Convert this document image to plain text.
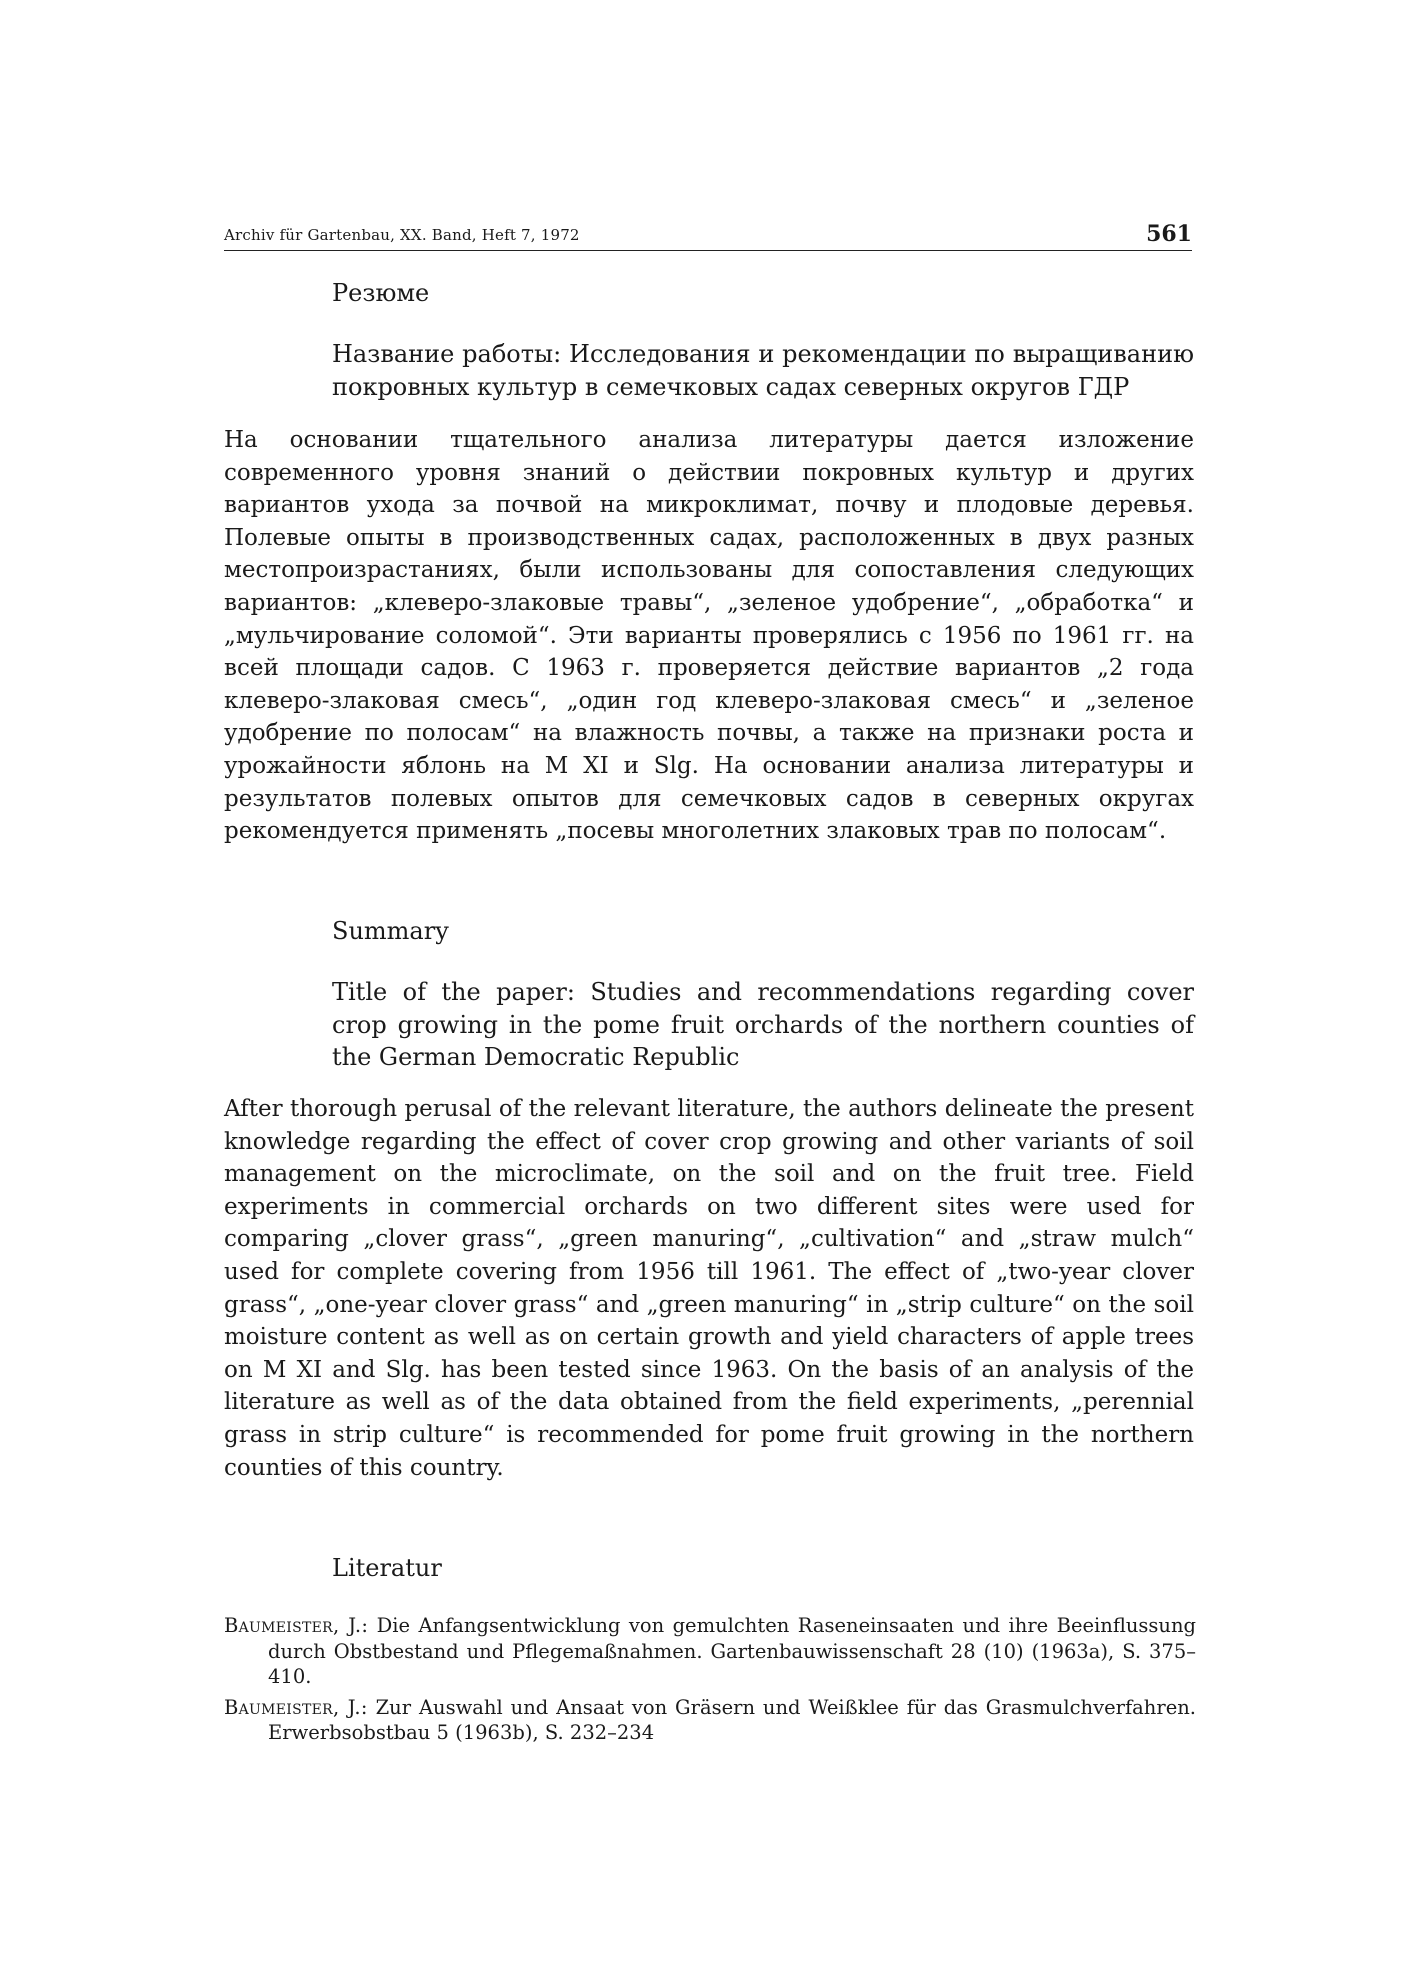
Archiv für Gartenbau, XX. Band, Heft 7, 1972	561
Резюме
Название работы: Исследования и рекомендации по выращиванию покровных культур в семечковых садах северных округов ГДР
На основании тщательного анализа литературы дается изложение современного уровня знаний о действии покровных культур и других вариантов ухода за почвой на микроклимат, почву и плодовые деревья. Полевые опыты в производственных садах, расположенных в двух разных местопроизрастаниях, были использованы для сопоставления следующих вариантов: „клеверо-злаковые травы“, „зеленое удобрение“, „обработка“ и „мульчирование соломой“. Эти варианты проверялись с 1956 по 1961 гг. на всей площади садов. С 1963 г. проверяется действие вариантов „2 года клеверо-злаковая смесь“, „один год клеверо-злаковая смесь“ и „зеленое удобрение по полосам“ на влажность почвы, а также на признаки роста и урожайности яблонь на M XI и Slg. На основании анализа литературы и результатов полевых опытов для семечковых садов в северных округах рекомендуется применять „посевы многолетних злаковых трав по полосам“.
Summary
Title of the paper: Studies and recommendations regarding cover crop growing in the pome fruit orchards of the northern counties of the German Democratic Republic
After thorough perusal of the relevant literature, the authors delineate the present knowledge regarding the effect of cover crop growing and other variants of soil management on the microclimate, on the soil and on the fruit tree. Field experiments in commercial orchards on two different sites were used for comparing „clover grass“, „green manuring“, „cultivation“ and „straw mulch“ used for complete covering from 1956 till 1961. The effect of „two-year clover grass“, „one-year clover grass“ and „green manuring“ in „strip culture“ on the soil moisture content as well as on certain growth and yield characters of apple trees on M XI and Slg. has been tested since 1963. On the basis of an analysis of the literature as well as of the data obtained from the field experiments, „perennial grass in strip culture“ is recommended for pome fruit growing in the northern counties of this country.
Literatur
Baumeister, J.: Die Anfangsentwicklung von gemulchten Raseneinsaaten und ihre Beeinflussung durch Obstbestand und Pflegemaßnahmen. Gartenbauwissenschaft 28 (10) (1963a), S. 375–410.
Baumeister, J.: Zur Auswahl und Ansaat von Gräsern und Weißklee für das Grasmulchverfahren. Erwerbsobstbau 5 (1963b), S. 232–234
